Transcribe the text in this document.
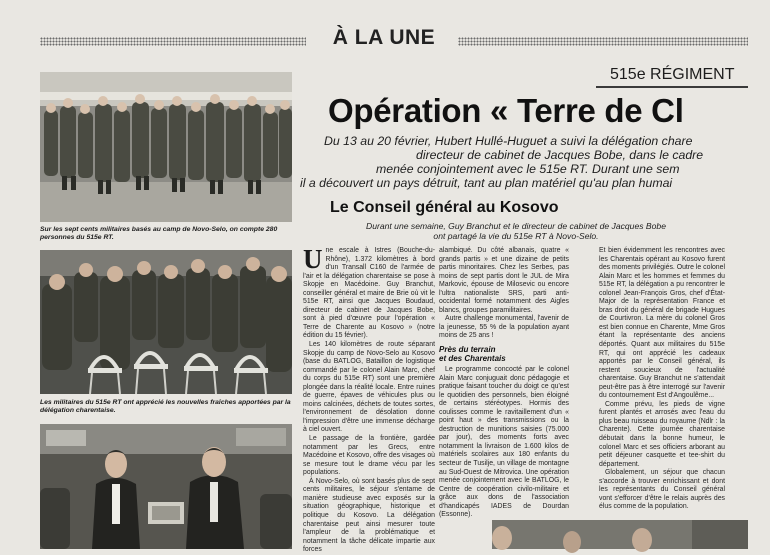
À LA UNE
515e RÉGIMENT
Opération « Terre de Cl
Du 13 au 20 février, Hubert Hullé-Huguet a suivi la délégation chare
directeur de cabinet de Jacques Bobe, dans le cadre
menée conjointement avec le 515e RT. Durant une sem
il a découvert un pays détruit, tant au plan matériel qu'au plan humai
Le Conseil général au Kosovo
Durant une semaine, Guy Branchut et le directeur de cabinet de Jacques Bobe
ont partagé la vie du 515e RT à Novo-Selo.
Sur les sept cents militaires basés au camp de Novo-Selo, on compte 280 personnes du 515e RT.
Les militaires du 515e RT ont apprécié les nouvelles fraîches apportées par la délégation charentaise.

Une escale à Istres (Bouche-du-Rhône), 1.372 kilomètres à bord d'un Transall C160 de l'armée de l'air et la délégation charentaise se pose à Skopje en Macédoine. Guy Branchut, conseiller général et maire de Brie où vit le 515e RT, ainsi que Jacques Boudaud, directeur de cabinet de Jacques Bobe, sont à pied d'œuvre pour l'opération « Terre de Charente au Kosovo » (notre édition du 15 février).

Les 140 kilomètres de route séparant Skopje du camp de Novo-Selo au Kosovo (base du BATLOG, Bataillon de logistique commandé par le colonel Alain Marc, chef du corps du 515e RT) sont une première plongée dans la réalité locale. Entre ruines de guerre, épaves de véhicules plus ou moins calcinées, déchets de toutes sortes, l'environnement de désolation donne l'impression d'être une immense décharge à ciel ouvert.

Le passage de la frontière, gardée notamment par les Grecs, entre Macédoine et Kosovo, offre des visages où se mesure tout le drame vécu par les populations.

À Novo-Selo, où sont basés plus de sept cents militaires, le séjour s'entame de manière studieuse avec exposés sur la situation géographique, historique et politique du Kosovo. La délégation charentaise peut ainsi mesurer toute l'ampleur de la problématique et notamment la tâche délicate impartie aux forces

alambiqué. Du côté albanais, quatre « grands partis » et une dizaine de petits partis minoritaires. Chez les Serbes, pas moins de sept partis dont le JUL de Mira Markovic, épouse de Milosevic ou encore l'ultra nationaliste SRS, parti anti-occidental formé notamment des Aigles blancs, groupes paramilitaires.

Autre challenge monumental, l'avenir de la jeunesse, 55 % de la population ayant moins de 25 ans !

Près du terrain
et des Charentais

Le programme concocté par le colonel Alain Marc conjuguait donc pédagogie et pratique faisant toucher du doigt ce qu'est le quotidien des personnels, bien éloigné de certains stéréotypes. Hormis des coulisses comme le ravitaillement d'un « point haut » des transmissions ou la destruction de munitions saisies (75.000 par jour), des moments forts avec notamment la livraison de 1.600 kilos de matériels scolaires aux 180 enfants du secteur de Tusilje, un village de montagne au Sud-Ouest de Mitrovica. Une opération menée conjointement avec le BATLOG, le Centre de coopération civilo-militaire et grâce aux dons de l'association d'handicapés IADES de Dourdan (Essonne).

Et bien évidemment les rencontres avec les Charentais opérant au Kosovo furent des moments privilégiés. Outre le colonel Alain Marc et les hommes et femmes du 515e RT, la délégation a pu rencontrer le colonel Jean-François Gros, chef d'État-Major de la représentation France et bras droit du général de brigade Hugues de Courtivron. La mère du colonel Gros est bien connue en Charente, Mme Gros étant la représentante des anciens déportés. Quant aux militaires du 515e RT, qui ont apprécié les cadeaux apportés par le Conseil général, ils restent soucieux de l'actualité charentaise. Guy Branchut ne s'attendait peut-être pas à être interrogé sur l'avenir du contournement Est d'Angoulême...

Comme prévu, les pieds de vigne furent plantés et arrosés avec l'eau du plus beau ruisseau du royaume (Ndlr : la Charente). Cette journée charentaise débutait dans la bonne humeur, le colonel Marc et ses officiers arborant au petit déjeuner casquette et tee-shirt du département.

Globalement, un séjour que chacun s'accorde à trouver enrichissant et dont les représentants du Conseil général vont s'efforcer d'être le relais auprès des élus comme de la population.
